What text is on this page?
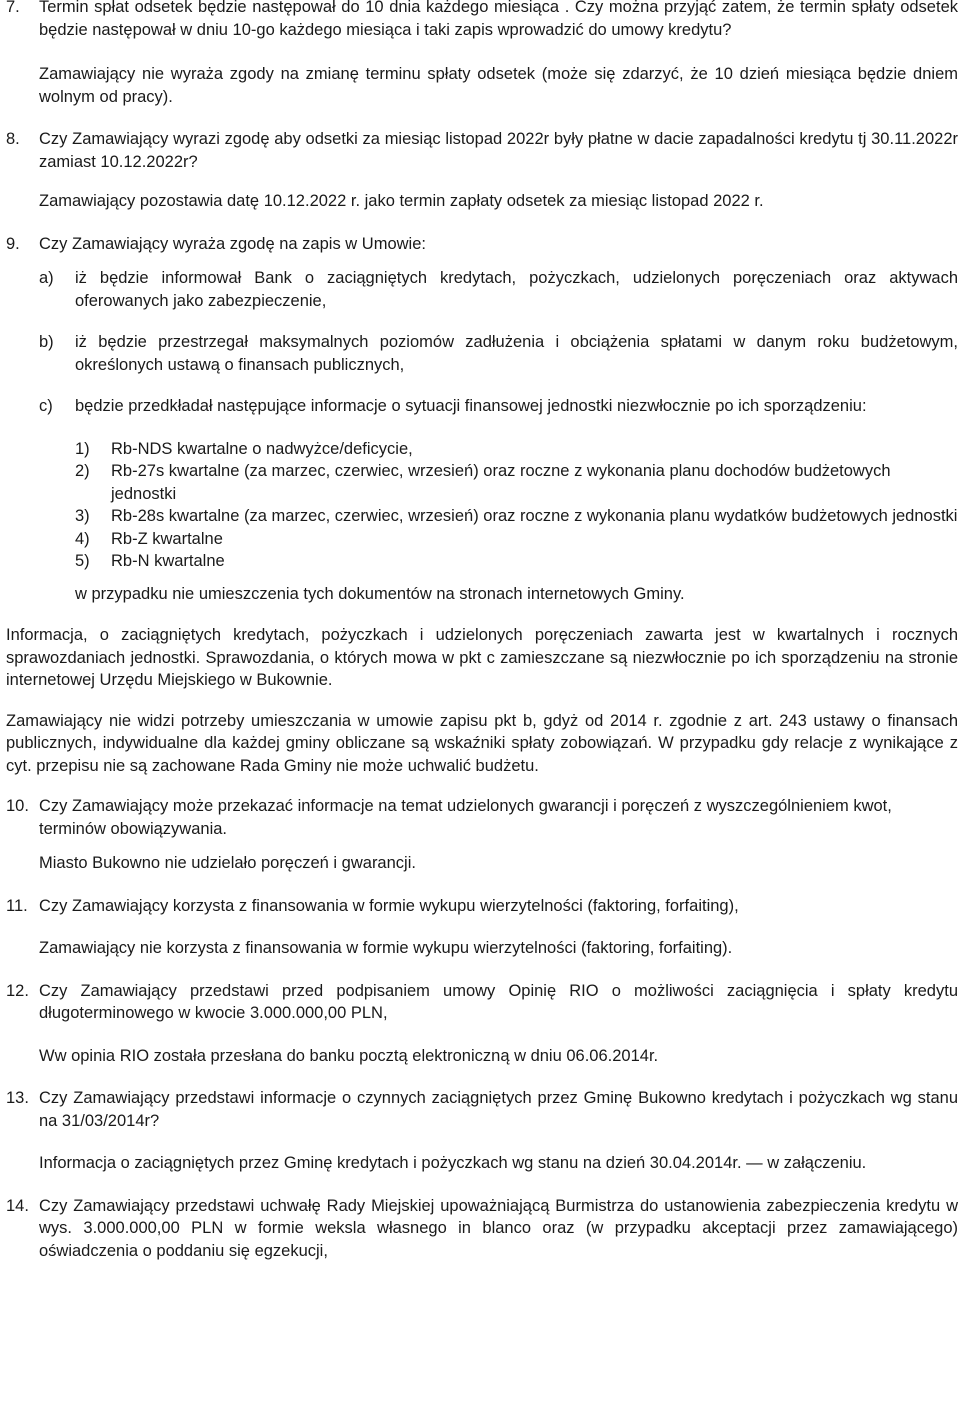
7. Termin spłat odsetek będzie następował do 10 dnia każdego miesiąca . Czy można przyjąć zatem, że termin spłaty odsetek będzie następował w dniu 10-go każdego miesiąca i taki zapis wprowadzić do umowy kredytu?

Zamawiający nie wyraża zgody na zmianę terminu spłaty odsetek (może się zdarzyć, że 10 dzień miesiąca będzie dniem wolnym od pracy).

8. Czy Zamawiający wyrazi zgodę aby odsetki za miesiąc listopad 2022r były płatne w dacie zapadalności kredytu tj 30.11.2022r zamiast 10.12.2022r?

Zamawiający pozostawia datę 10.12.2022 r. jako termin zapłaty odsetek za miesiąc listopad 2022 r.

9. Czy Zamawiający wyraża zgodę na zapis w Umowie:
a) iż będzie informował Bank o zaciągniętych kredytach, pożyczkach, udzielonych poręczeniach oraz aktywach oferowanych jako zabezpieczenie,
b) iż będzie przestrzegał maksymalnych poziomów zadłużenia i obciążenia spłatami w danym roku budżetowym, określonych ustawą o finansach publicznych,
c) będzie przedkładał następujące informacje o sytuacji finansowej jednostki niezwłocznie po ich sporządzeniu:
1) Rb-NDS kwartalne o nadwyżce/deficycie,
2) Rb-27s kwartalne (za marzec, czerwiec, wrzesień) oraz roczne z wykonania planu dochodów budżetowych jednostki
3) Rb-28s kwartalne (za marzec, czerwiec, wrzesień) oraz roczne z wykonania planu wydatków budżetowych jednostki
4) Rb-Z kwartalne
5) Rb-N kwartalne

w przypadku nie umieszczenia tych dokumentów na stronach internetowych Gminy.

Informacja, o zaciągniętych kredytach, pożyczkach i udzielonych poręczeniach zawarta jest w kwartalnych i rocznych sprawozdaniach jednostki. Sprawozdania, o których mowa w pkt c zamieszczane są niezwłocznie po ich sporządzeniu na stronie internetowej Urzędu Miejskiego w Bukownie.

Zamawiający nie widzi potrzeby umieszczania w umowie zapisu pkt b, gdyż od 2014 r. zgodnie z art. 243 ustawy o finansach publicznych, indywidualne dla każdej gminy obliczane są wskaźniki spłaty zobowiązań. W przypadku gdy relacje z wynikające z cyt. przepisu nie są zachowane Rada Gminy nie może uchwalić budżetu.

10. Czy Zamawiający może przekazać informacje na temat udzielonych gwarancji i poręczeń z wyszczególnieniem kwot, terminów obowiązywania.

Miasto Bukowno nie udzielało poręczeń i gwarancji.

11. Czy Zamawiający korzysta z finansowania w formie wykupu wierzytelności (faktoring, forfaiting),

Zamawiający nie korzysta z finansowania w formie wykupu wierzytelności (faktoring, forfaiting).

12. Czy Zamawiający przedstawi przed podpisaniem umowy Opinię RIO o możliwości zaciągnięcia i spłaty kredytu długoterminowego w kwocie 3.000.000,00 PLN,

Ww opinia RIO została przesłana do banku pocztą elektroniczną w dniu 06.06.2014r.

13. Czy Zamawiający przedstawi informacje o czynnych zaciągniętych przez Gminę Bukowno kredytach i pożyczkach wg stanu na 31/03/2014r?

Informacja o zaciągniętych przez Gminę kredytach i pożyczkach wg stanu na dzień 30.04.2014r. — w załączeniu.

14. Czy Zamawiający przedstawi uchwałę Rady Miejskiej upoważniającą Burmistrza do ustanowienia zabezpieczenia kredytu w wys. 3.000.000,00 PLN w formie weksla własnego in blanco oraz (w przypadku akceptacji przez zamawiającego) oświadczenia o poddaniu się egzekucji,
